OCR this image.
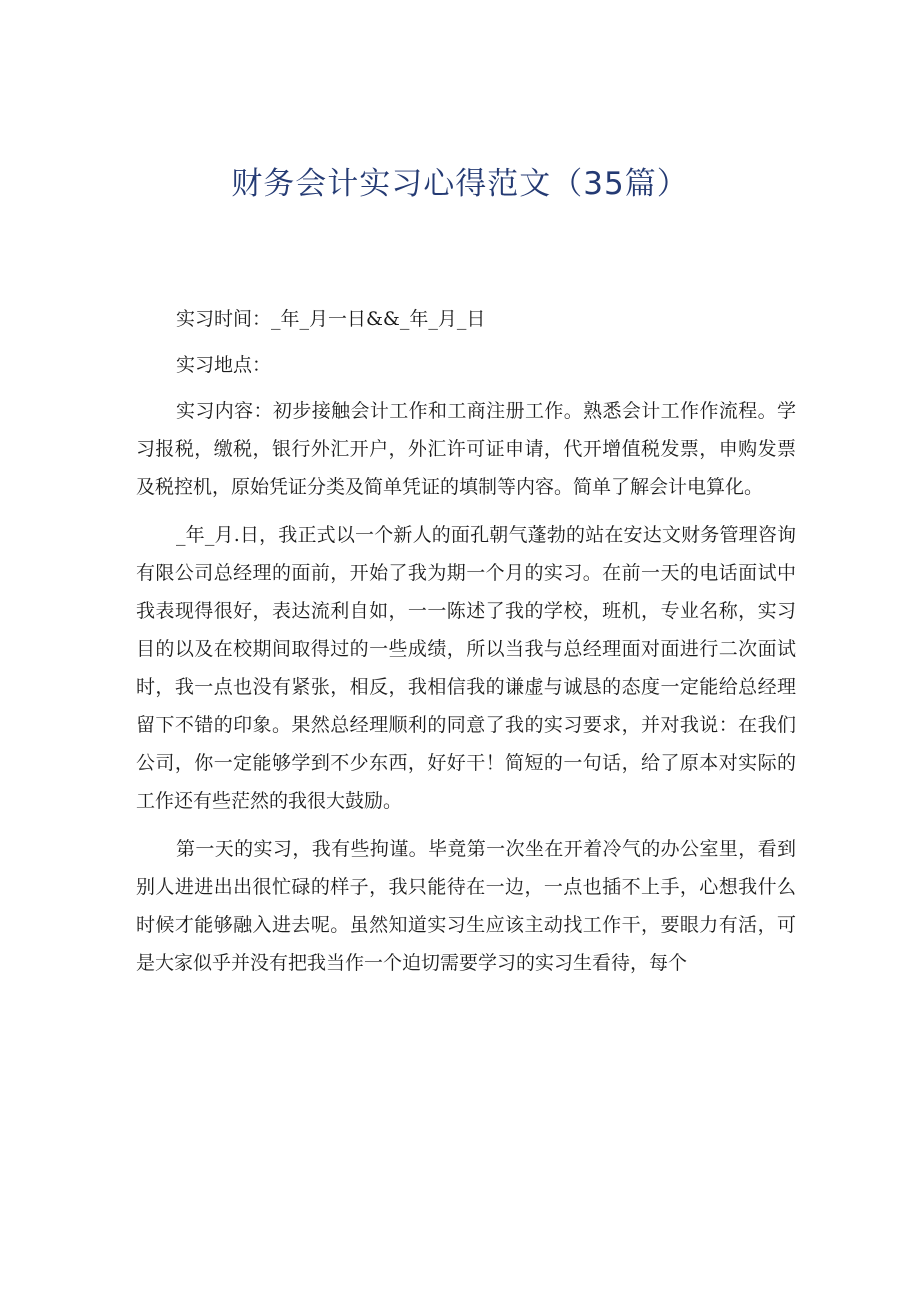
财务会计实习心得范文（35篇）

实习时间：_年_月一日&&_年_月_日

实习地点：

实习内容：初步接触会计工作和工商注册工作。熟悉会计工作作流程。学习报税，缴税，银行外汇开户，外汇许可证申请，代开增值税发票，申购发票及税控机，原始凭证分类及简单凭证的填制等内容。简单了解会计电算化。

_年_月.日，我正式以一个新人的面孔朝气蓬勃的站在安达文财务管理咨询有限公司总经理的面前，开始了我为期一个月的实习。在前一天的电话面试中我表现得很好，表达流利自如，一一陈述了我的学校，班机，专业名称，实习目的以及在校期间取得过的一些成绩，所以当我与总经理面对面进行二次面试时，我一点也没有紧张，相反，我相信我的谦虚与诚恳的态度一定能给总经理留下不错的印象。果然总经理顺利的同意了我的实习要求，并对我说：在我们公司，你一定能够学到不少东西，好好干！简短的一句话，给了原本对实际的工作还有些茫然的我很大鼓励。

第一天的实习，我有些拘谨。毕竟第一次坐在开着冷气的办公室里，看到别人进进出出很忙碌的样子，我只能待在一边，一点也插不上手，心想我什么时候才能够融入进去呢。虽然知道实习生应该主动找工作干，要眼力有活，可是大家似乎并没有把我当作一个迫切需要学习的实习生看待，每个
